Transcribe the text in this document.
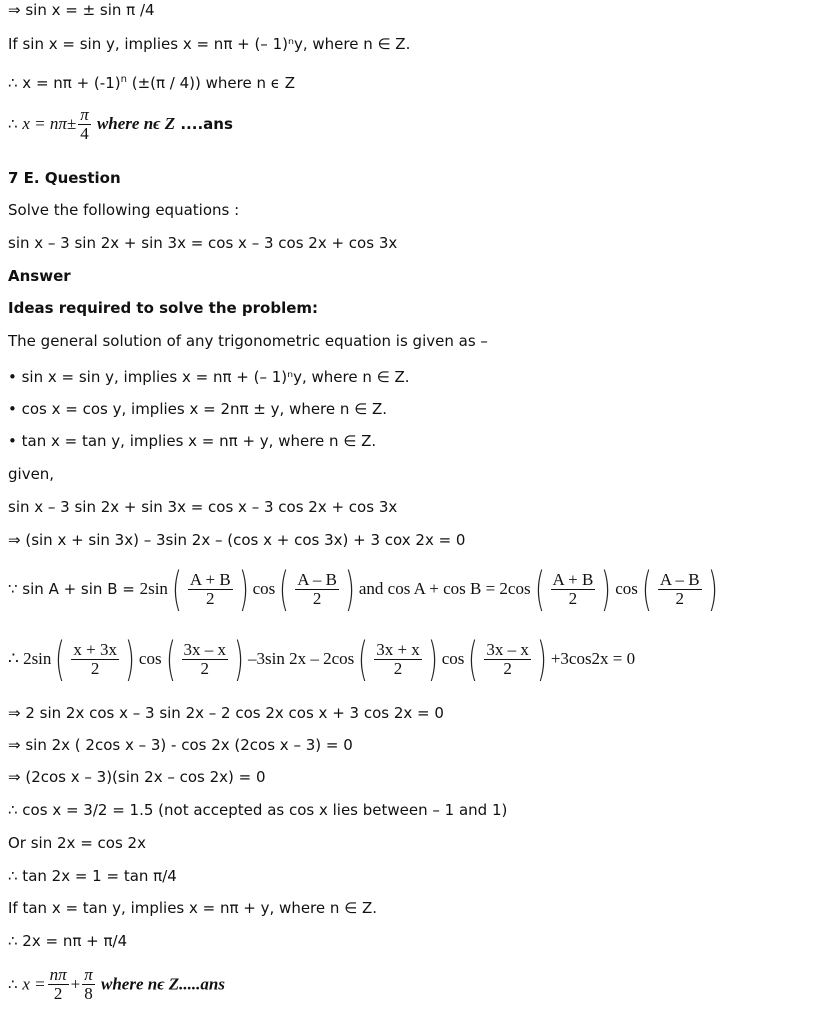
⇒ sin x = ± sin π /4
If sin x = sin y, implies x = nπ + (– 1)ⁿy, where n ∈ Z.
∴ $x = n\pi + (-1)^n$ (±(π / 4)) where n ϵ Z
∴ $x = n\pi\pm \frac{\pi}{4}$ where nϵ Z ....ans
7 E. Question
Solve the following equations :
sin x – 3 sin 2x + sin 3x = cos x – 3 cos 2x + cos 3x
Answer
Ideas required to solve the problem:
The general solution of any trigonometric equation is given as –
• sin x = sin y, implies x = nπ + (– 1)ⁿy, where n ∈ Z.
• cos x = cos y, implies x = 2nπ ± y, where n ∈ Z.
• tan x = tan y, implies x = nπ + y, where n ∈ Z.
given,
sin x – 3 sin 2x + sin 3x = cos x – 3 cos 2x + cos 3x
⇒ (sin x + sin 3x) – 3sin 2x – (cos x + cos 3x) + 3 cox 2x = 0
∵ sin A + sin B = 2sin ( $\frac{A + B}{2}$ ) cos ( $\frac{A - B}{2}$ ) and cos A + cos B = 2cos ( $\frac{A + B}{2}$ ) cos ( $\frac{A - B}{2}$ )
∴ 2sin ( $\frac{x + 3x}{2}$ ) cos ( $\frac{3x - x}{2}$ ) –3sin 2x – 2cos ( $\frac{3x + x}{2}$ ) cos ( $\frac{3x - x}{2}$ ) +3cos2x = 0
⇒ 2 sin 2x cos x – 3 sin 2x – 2 cos 2x cos x + 3 cos 2x = 0
⇒ sin 2x ( 2cos x – 3) - cos 2x (2cos x – 3) = 0
⇒ (2cos x – 3)(sin 2x – cos 2x) = 0
∴ cos x = 3/2 = 1.5 (not accepted as cos x lies between – 1 and 1)
Or sin 2x = cos 2x
∴ tan 2x = 1 = tan π/4
If tan x = tan y, implies x = nπ + y, where n ∈ Z.
∴ 2x = nπ + π/4
∴ $x = \frac{n\pi}{2} + \frac{\pi}{8}$ where nϵ Z.....ans
